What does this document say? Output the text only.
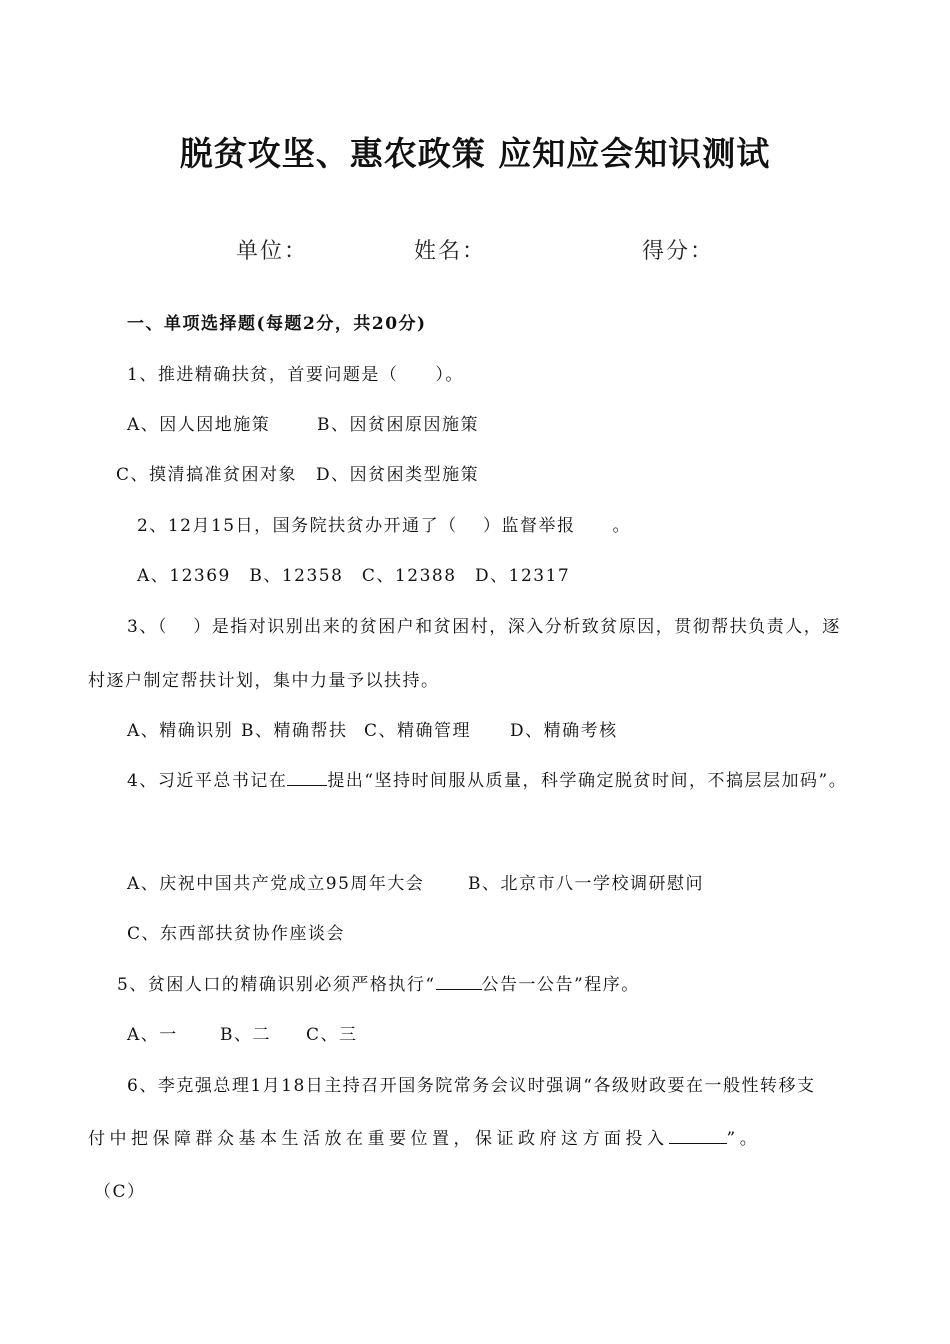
脱贫攻坚、惠农政策 应知应会知识测试
单位：	姓名：	得分：
一、单项选择题(每题2分，共20分)
1、推进精确扶贫，首要问题是（　　）。
A、因人因地施策	B、因贫困原因施策
C、摸清搞准贫困对象 D、因贫困类型施策
2、12月15日，国务院扶贫办开通了（　 ）监督举报　　。
A、12369　B、12358　C、12388　D、12317
3、（　 ）是指对识别出来的贫困户和贫困村，深入分析致贫原因，贯彻帮扶负责人，逐
村逐户制定帮扶计划，集中力量予以扶持。
A、精确识别 B、精确帮扶 C、精确管理 D、精确考核
4、习近平总书记在 提出“坚持时间服从质量，科学确定脱贫时间，不搞层层加码”。
A、庆祝中国共产党成立95周年大会	B、北京市八一学校调研慰问
C、东西部扶贫协作座谈会
5、贫困人口的精确识别必须严格执行“	公告一公告”程序。
A、一 B、二 C、三
6、李克强总理1月18日主持召开国务院常务会议时强调“各级财政要在一般性转移支
付中把保障群众基本生活放在重要位置，保证政府这方面投入	”。
（C）
